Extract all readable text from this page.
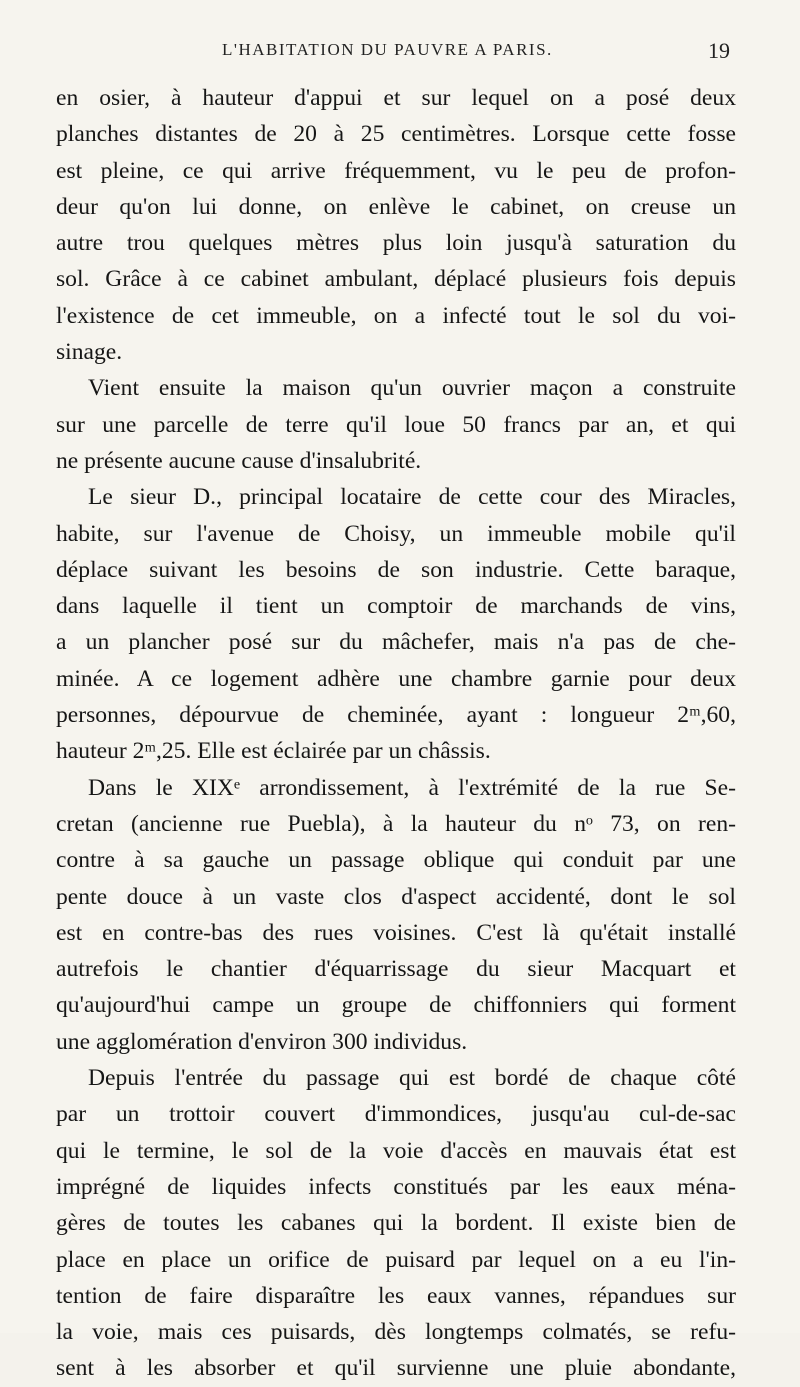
L'HABITATION DU PAUVRE A PARIS.	19
en osier, à hauteur d'appui et sur lequel on a posé deux
planches distantes de 20 à 25 centimètres. Lorsque cette fosse
est pleine, ce qui arrive fréquemment, vu le peu de profon-
deur qu'on lui donne, on enlève le cabinet, on creuse un
autre trou quelques mètres plus loin jusqu'à saturation du
sol. Grâce à ce cabinet ambulant, déplacé plusieurs fois depuis
l'existence de cet immeuble, on a infecté tout le sol du voi-
sinage.
Vient ensuite la maison qu'un ouvrier maçon a construite
sur une parcelle de terre qu'il loue 50 francs par an, et qui
ne présente aucune cause d'insalubrité.
Le sieur D., principal locataire de cette cour des Miracles,
habite, sur l'avenue de Choisy, un immeuble mobile qu'il
déplace suivant les besoins de son industrie. Cette baraque,
dans laquelle il tient un comptoir de marchands de vins,
a un plancher posé sur du mâchefer, mais n'a pas de che-
minée. A ce logement adhère une chambre garnie pour deux
personnes, dépourvue de cheminée, ayant : longueur 2ᵐ,60,
hauteur 2ᵐ,25. Elle est éclairée par un châssis.
Dans le XIXᵉ arrondissement, à l'extrémité de la rue Se-
cretan (ancienne rue Puebla), à la hauteur du nᵒ 73, on ren-
contre à sa gauche un passage oblique qui conduit par une
pente douce à un vaste clos d'aspect accidenté, dont le sol
est en contre-bas des rues voisines. C'est là qu'était installé
autrefois le chantier d'équarrissage du sieur Macquart et
qu'aujourd'hui campe un groupe de chiffonniers qui forment
une agglomération d'environ 300 individus.
Depuis l'entrée du passage qui est bordé de chaque côté
par un trottoir couvert d'immondices, jusqu'au cul-de-sac
qui le termine, le sol de la voie d'accès en mauvais état est
imprégné de liquides infects constitués par les eaux ména-
gères de toutes les cabanes qui la bordent. Il existe bien de
place en place un orifice de puisard par lequel on a eu l'in-
tention de faire disparaître les eaux vannes, répandues sur
la voie, mais ces puisards, dès longtemps colmatés, se refu-
sent à les absorber et qu'il survienne une pluie abondante,
